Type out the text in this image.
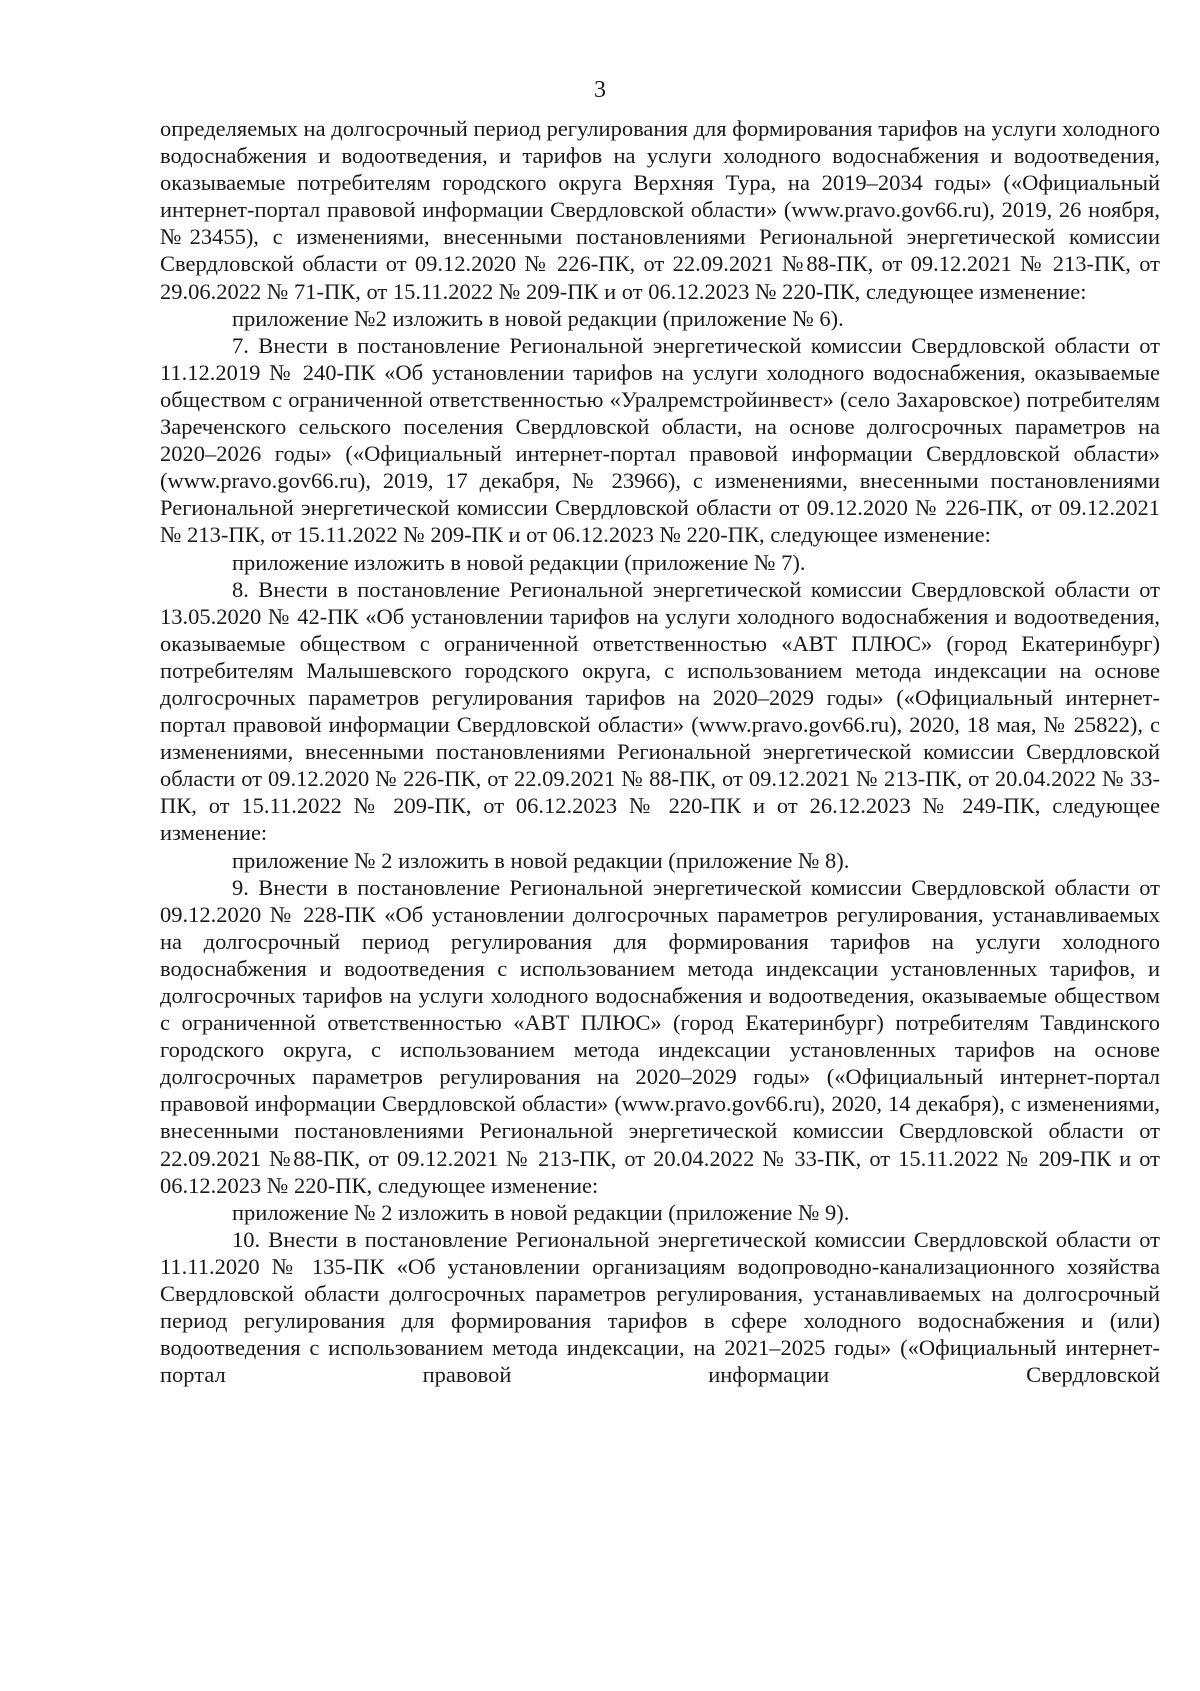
3

определяемых на долгосрочный период регулирования для формирования тарифов на услуги холодного водоснабжения и водоотведения, и тарифов на услуги холодного водоснабжения и водоотведения, оказываемые потребителям городского округа Верхняя Тура, на 2019–2034 годы» («Официальный интернет-портал правовой информации Свердловской области» (www.pravo.gov66.ru), 2019, 26 ноября, №23455), с изменениями, внесенными постановлениями Региональной энергетической комиссии Свердловской области от 09.12.2020 № 226-ПК, от 22.09.2021 №88-ПК, от 09.12.2021 № 213-ПК, от 29.06.2022 № 71-ПК, от 15.11.2022 № 209-ПК и от 06.12.2023 № 220-ПК, следующее изменение:

приложение №2 изложить в новой редакции (приложение № 6).

7. Внести в постановление Региональной энергетической комиссии Свердловской области от 11.12.2019 № 240-ПК «Об установлении тарифов на услуги холодного водоснабжения, оказываемые обществом с ограниченной ответственностью «Уралремстройинвест» (село Захаровское) потребителям Зареченского сельского поселения Свердловской области, на основе долгосрочных параметров на 2020–2026 годы» («Официальный интернет-портал правовой информации Свердловской области» (www.pravo.gov66.ru), 2019, 17 декабря, № 23966), с изменениями, внесенными постановлениями Региональной энергетической комиссии Свердловской области от 09.12.2020 № 226-ПК, от 09.12.2021 № 213-ПК, от 15.11.2022 № 209-ПК и от 06.12.2023 № 220-ПК, следующее изменение:

приложение изложить в новой редакции (приложение № 7).

8. Внести в постановление Региональной энергетической комиссии Свердловской области от 13.05.2020 № 42-ПК «Об установлении тарифов на услуги холодного водоснабжения и водоотведения, оказываемые обществом с ограниченной ответственностью «АВТ ПЛЮС» (город Екатеринбург) потребителям Малышевского городского округа, с использованием метода индексации на основе долгосрочных параметров регулирования тарифов на 2020–2029 годы» («Официальный интернет-портал правовой информации Свердловской области» (www.pravo.gov66.ru), 2020, 18 мая, № 25822), с изменениями, внесенными постановлениями Региональной энергетической комиссии Свердловской области от 09.12.2020 № 226-ПК, от 22.09.2021 № 88-ПК, от 09.12.2021 № 213-ПК, от 20.04.2022 № 33-ПК, от 15.11.2022 № 209-ПК, от 06.12.2023 № 220-ПК и от 26.12.2023 № 249-ПК, следующее изменение:

приложение № 2 изложить в новой редакции (приложение № 8).

9. Внести в постановление Региональной энергетической комиссии Свердловской области от 09.12.2020 № 228-ПК «Об установлении долгосрочных параметров регулирования, устанавливаемых на долгосрочный период регулирования для формирования тарифов на услуги холодного водоснабжения и водоотведения с использованием метода индексации установленных тарифов, и долгосрочных тарифов на услуги холодного водоснабжения и водоотведения, оказываемые обществом с ограниченной ответственностью «АВТ ПЛЮС» (город Екатеринбург) потребителям Тавдинского городского округа, с использованием метода индексации установленных тарифов на основе долгосрочных параметров регулирования на 2020–2029 годы» («Официальный интернет-портал правовой информации Свердловской области» (www.pravo.gov66.ru), 2020, 14 декабря), с изменениями, внесенными постановлениями Региональной энергетической комиссии Свердловской области от 22.09.2021 №88-ПК, от 09.12.2021 № 213-ПК, от 20.04.2022 № 33-ПК, от 15.11.2022 № 209-ПК и от 06.12.2023 № 220-ПК, следующее изменение:

приложение № 2 изложить в новой редакции (приложение № 9).

10. Внести в постановление Региональной энергетической комиссии Свердловской области от 11.11.2020 № 135-ПК «Об установлении организациям водопроводно-канализационного хозяйства Свердловской области долгосрочных параметров регулирования, устанавливаемых на долгосрочный период регулирования для формирования тарифов в сфере холодного водоснабжения и (или) водоотведения с использованием метода индексации, на 2021–2025 годы» («Официальный интернет-портал правовой информации Свердловской
